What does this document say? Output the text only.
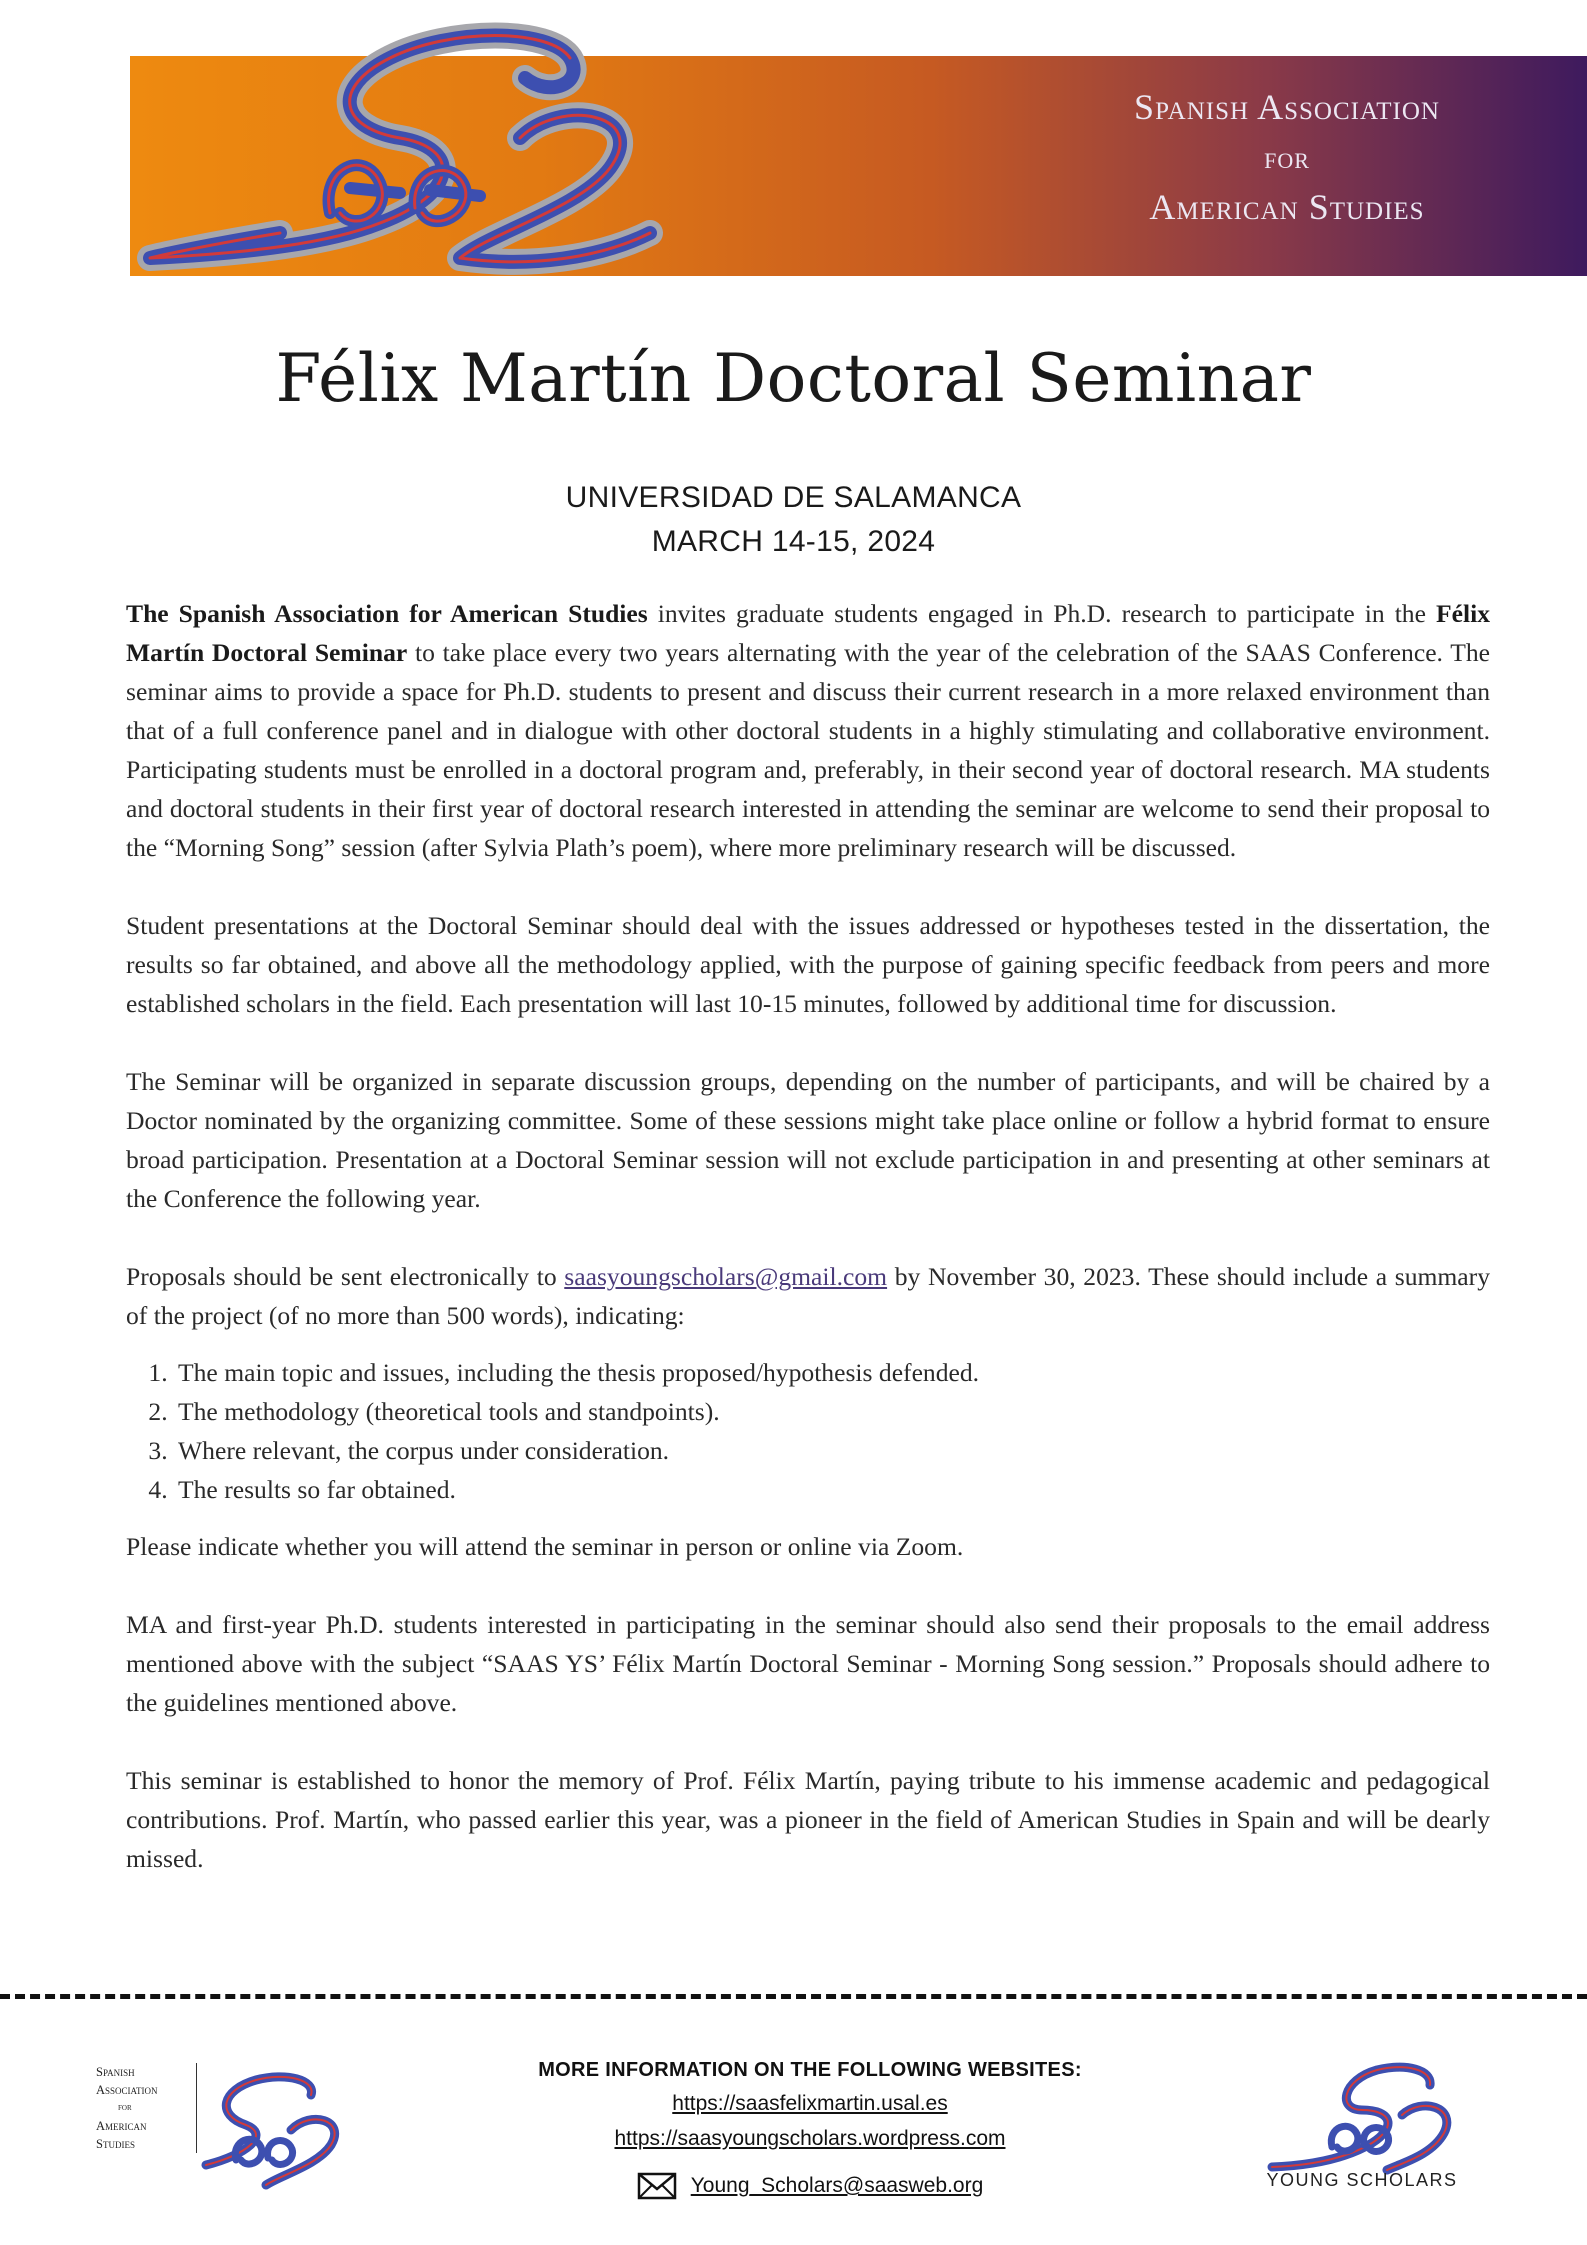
Spanish Association
for
American Studies
Félix Martín Doctoral Seminar
UNIVERSIDAD DE SALAMANCA
MARCH 14-15, 2024

The Spanish Association for American Studies invites graduate students engaged in Ph.D. research to participate in the Félix Martín Doctoral Seminar to take place every two years alternating with the year of the celebration of the SAAS Conference. The seminar aims to provide a space for Ph.D. students to present and discuss their current research in a more relaxed environment than that of a full conference panel and in dialogue with other doctoral students in a highly stimulating and collaborative environment. Participating students must be enrolled in a doctoral program and, preferably, in their second year of doctoral research. MA students and doctoral students in their first year of doctoral research interested in attending the seminar are welcome to send their proposal to the “Morning Song” session (after Sylvia Plath’s poem), where more preliminary research will be discussed.

Student presentations at the Doctoral Seminar should deal with the issues addressed or hypotheses tested in the dissertation, the results so far obtained, and above all the methodology applied, with the purpose of gaining specific feedback from peers and more established scholars in the field. Each presentation will last 10-15 minutes, followed by additional time for discussion.

The Seminar will be organized in separate discussion groups, depending on the number of participants, and will be chaired by a Doctor nominated by the organizing committee. Some of these sessions might take place online or follow a hybrid format to ensure broad participation. Presentation at a Doctoral Seminar session will not exclude participation in and presenting at other seminars at the Conference the following year.

Proposals should be sent electronically to saasyoungscholars@gmail.com by November 30, 2023. These should include a summary of the project (of no more than 500 words), indicating:

1. The main topic and issues, including the thesis proposed/hypothesis defended.
2. The methodology (theoretical tools and standpoints).
3. Where relevant, the corpus under consideration.
4. The results so far obtained.

Please indicate whether you will attend the seminar in person or online via Zoom.

MA and first-year Ph.D. students interested in participating in the seminar should also send their proposals to the email address mentioned above with the subject “SAAS YS’ Félix Martín Doctoral Seminar - Morning Song session.” Proposals should adhere to the guidelines mentioned above.

This seminar is established to honor the memory of Prof. Félix Martín, paying tribute to his immense academic and pedagogical contributions. Prof. Martín, who passed earlier this year, was a pioneer in the field of American Studies in Spain and will be dearly missed.

Spanish
Association
for
American
Studies
MORE INFORMATION ON THE FOLLOWING WEBSITES:
https://saasfelixmartin.usal.es
https://saasyoungscholars.wordpress.com
Young_Scholars@saasweb.org	YOUNG SCHOLARS
